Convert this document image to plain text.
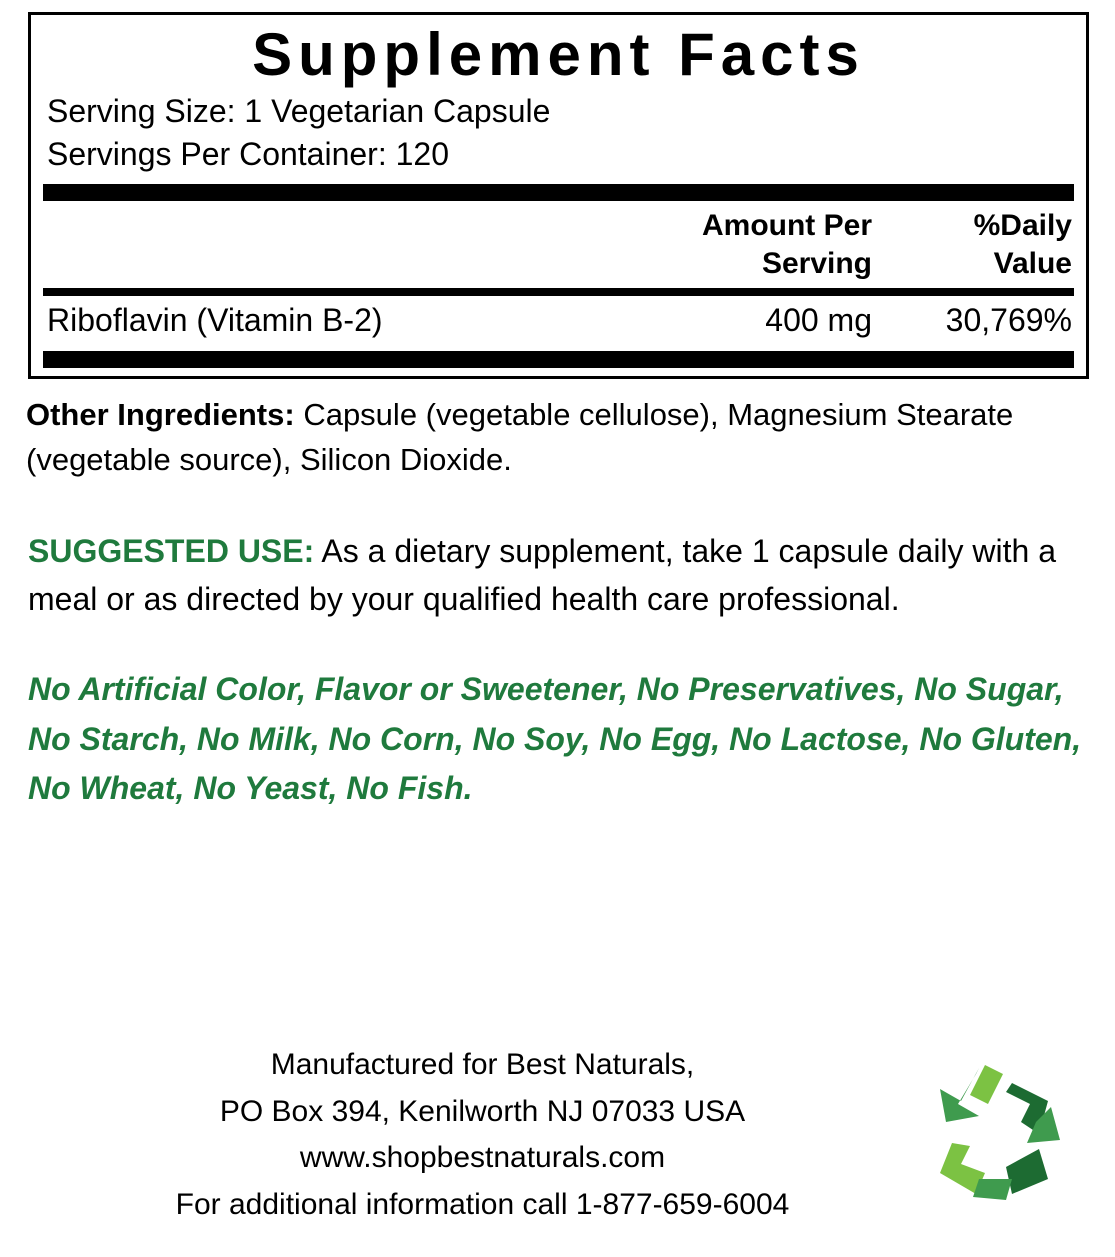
Supplement Facts
Serving Size: 1 Vegetarian Capsule
Servings Per Container: 120
Amount Per
Serving
%Daily
Value
Riboflavin (Vitamin B-2)	400 mg	30,769%
Other Ingredients: Capsule (vegetable cellulose), Magnesium Stearate (vegetable source), Silicon Dioxide.
SUGGESTED USE: As a dietary supplement, take 1 capsule daily with a meal or as directed by your qualified health care professional.
No Artificial Color, Flavor or Sweetener, No Preservatives, No Sugar, No Starch, No Milk, No Corn, No Soy, No Egg, No Lactose, No Gluten, No Wheat, No Yeast, No Fish.
Manufactured for Best Naturals,
PO Box 394, Kenilworth NJ 07033 USA
www.shopbestnaturals.com
For additional information call 1-877-659-6004
